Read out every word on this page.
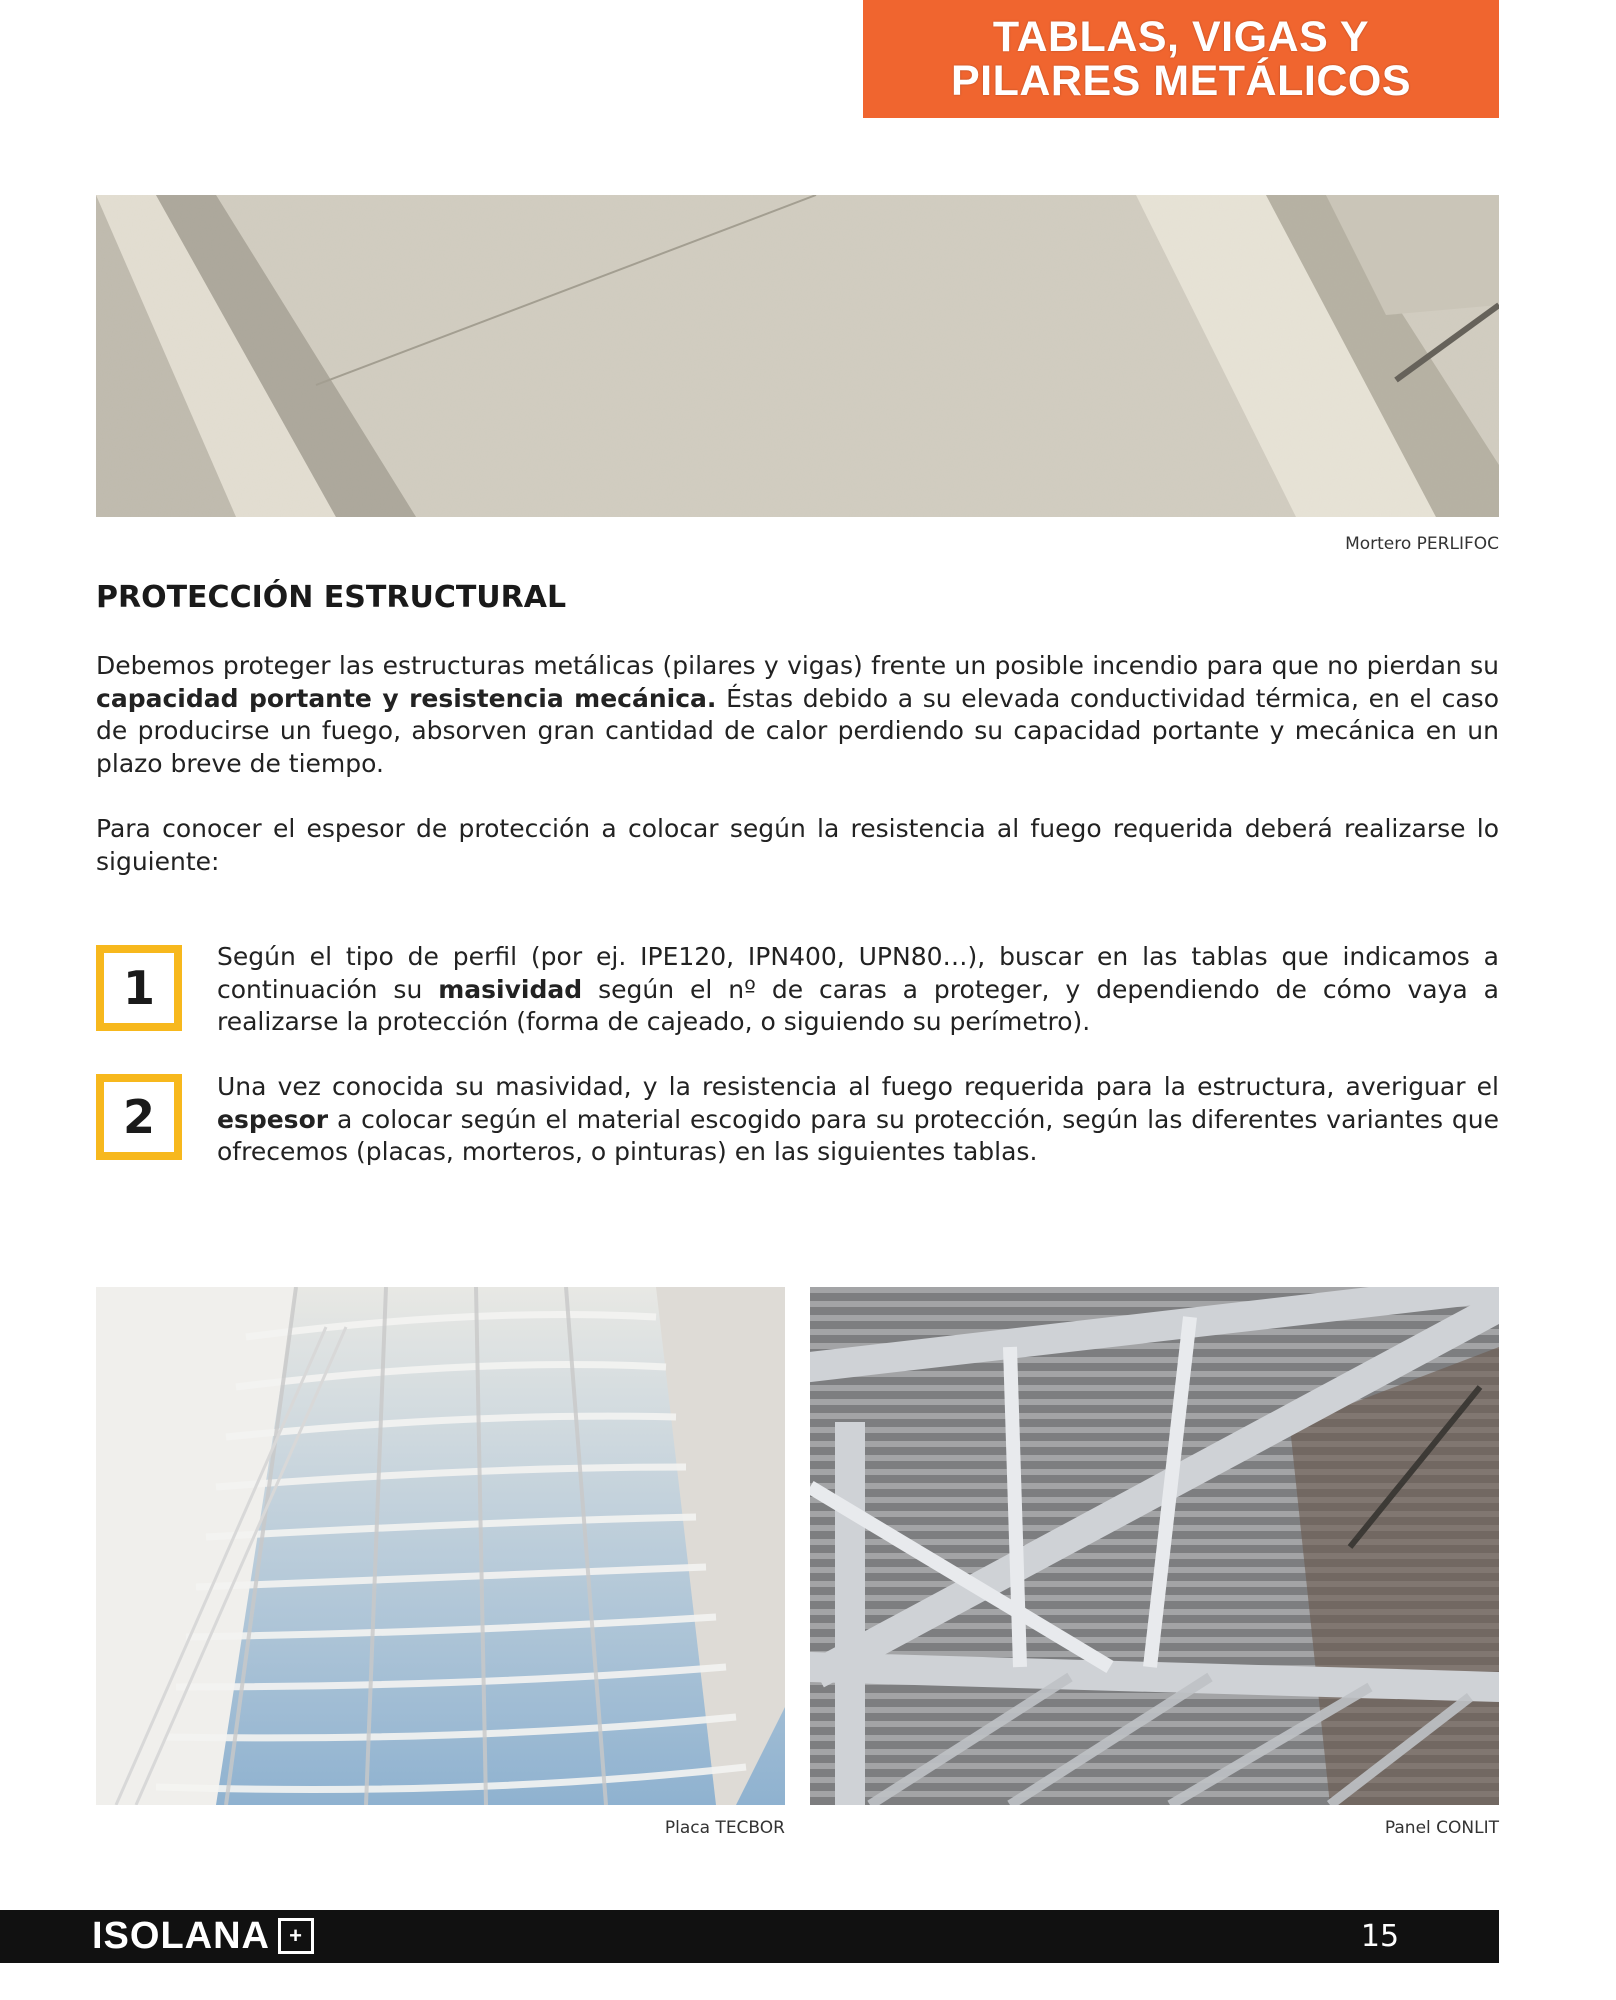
TABLAS, VIGAS Y
PILARES METÁLICOS
Mortero PERLIFOC
PROTECCIÓN ESTRUCTURAL
Debemos proteger las estructuras metálicas (pilares y vigas) frente un posible incendio para que no pierdan su capacidad portante y resistencia mecánica. Éstas debido a su elevada conductividad térmica, en el caso de producirse un fuego, absorven gran cantidad de calor perdiendo su capacidad portante y mecánica en un plazo breve de tiempo.
Para conocer el espesor de protección a colocar según la resistencia al fuego requerida deberá realizarse lo siguiente:
1
Según el tipo de perfil (por ej. IPE120, IPN400, UPN80…), buscar en las tablas que indicamos a continuación su masividad según el nº de caras a proteger, y dependiendo de cómo vaya a realizarse la protección (forma de cajeado, o siguiendo su perímetro).
2
Una vez conocida su masividad, y la resistencia al fuego requerida para la estructura, averiguar el espesor a colocar según el material escogido para su protección, según las diferentes variantes que ofrecemos (placas, morteros, o pinturas) en las siguientes tablas.
Placa TECBOR	Panel CONLIT
ISOLANA +	15
